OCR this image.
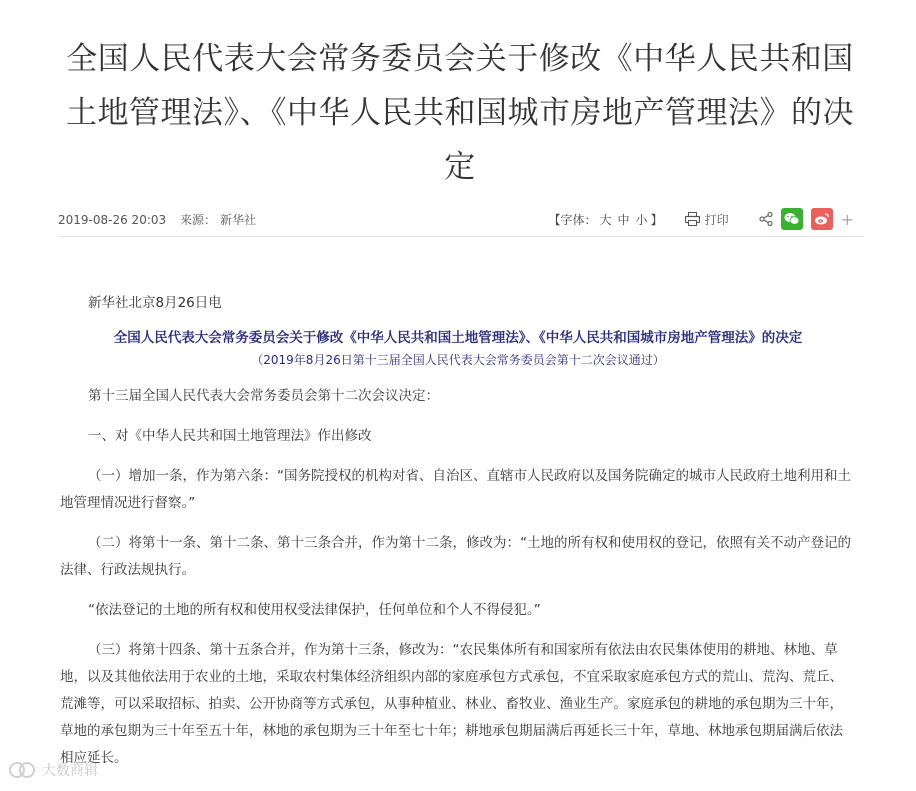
全国人民代表大会常务委员会关于修改《中华人民共和国土地管理法》、《中华人民共和国城市房地产管理法》的决定
2019-08-26 20:03 来源： 新华社	【字体： 大 中 小 】	打印	+

新华社北京8月26日电

全国人民代表大会常务委员会关于修改《中华人民共和国土地管理法》、《中华人民共和国城市房地产管理法》的决定

（2019年8月26日第十三届全国人民代表大会常务委员会第十二次会议通过）

第十三届全国人民代表大会常务委员会第十二次会议决定：

一、对《中华人民共和国土地管理法》作出修改

（一）增加一条，作为第六条：“国务院授权的机构对省、自治区、直辖市人民政府以及国务院确定的城市人民政府土地利用和土地管理情况进行督察。”

（二）将第十一条、第十二条、第十三条合并，作为第十二条，修改为：“土地的所有权和使用权的登记，依照有关不动产登记的法律、行政法规执行。

“依法登记的土地的所有权和使用权受法律保护，任何单位和个人不得侵犯。”

（三）将第十四条、第十五条合并，作为第十三条，修改为：“农民集体所有和国家所有依法由农民集体使用的耕地、林地、草地，以及其他依法用于农业的土地，采取农村集体经济组织内部的家庭承包方式承包，不宜采取家庭承包方式的荒山、荒沟、荒丘、荒滩等，可以采取招标、拍卖、公开协商等方式承包，从事种植业、林业、畜牧业、渔业生产。家庭承包的耕地的承包期为三十年，草地的承包期为三十年至五十年，林地的承包期为三十年至七十年；耕地承包期届满后再延长三十年，草地、林地承包期届满后依法相应延长。

大数商辑
